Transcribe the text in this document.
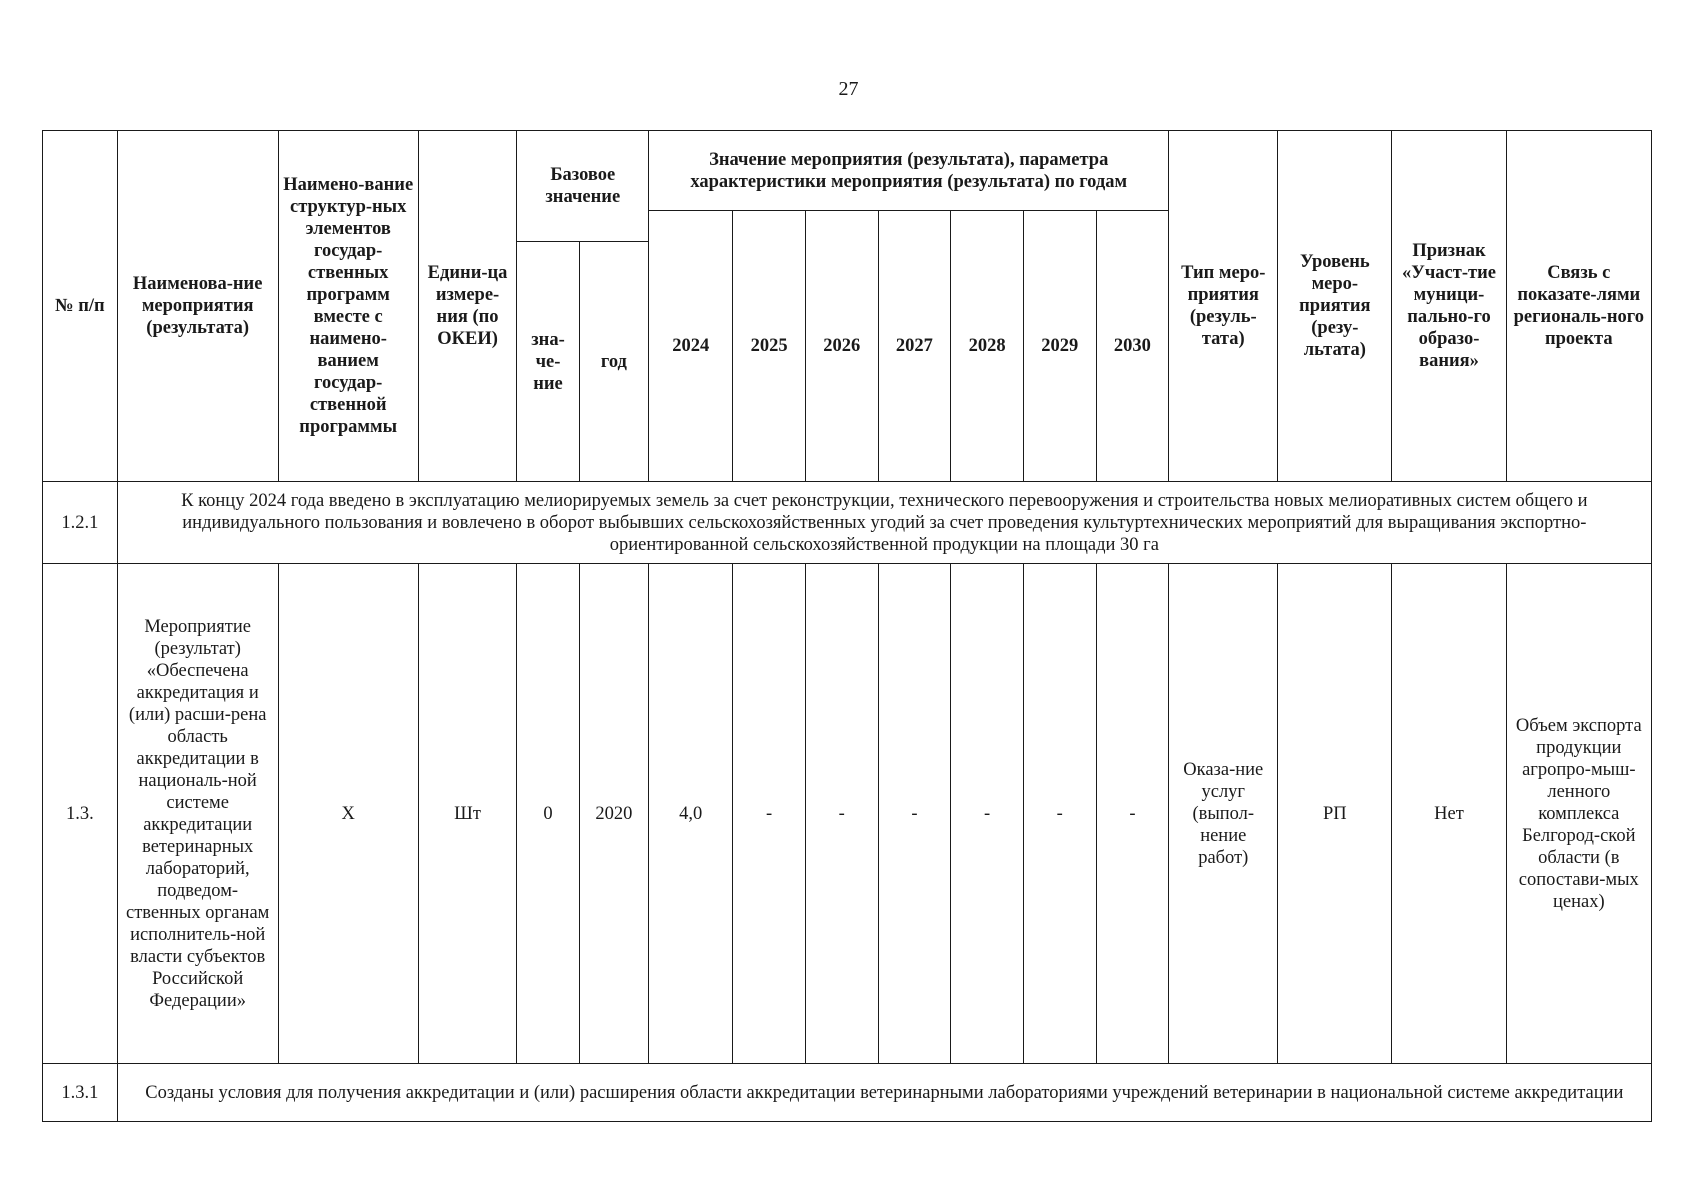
27
№ п/п	Наименова-ние мероприятия (результата)	Наимено-вание структур-ных элементов государ-ственных программ вместе с наимено-ванием государ-ственной программы	Едини-ца измере-ния (по ОКЕИ)	Базовое значение		Значение мероприятия (результата), параметра характеристики мероприятия (результата) по годам							Тип меро-приятия (резуль-тата)	Уровень меро-приятия (резу-льтата)	Признак «Участ-тие муници-пально-го образо-вания»	Связь с показате-лями региональ-ного проекта
						2024	2025	2026	2027	2028	2029	2030				
				зна-че-ние	год											
1.2.1	К концу 2024 года введено в эксплуатацию мелиорируемых земель за счет реконструкции, технического перевооружения и строительства новых мелиоративных систем общего и индивидуального пользования и вовлечено в оборот выбывших сельскохозяйственных угодий за счет проведения культуртехнических мероприятий для выращивания экспортно-ориентированной сельскохозяйственной продукции на площади 30 га															
1.3.	Мероприятие (результат) «Обеспечена аккредитация и (или) расши-рена область аккредитации в националь-ной системе аккредитации ветеринарных лабораторий, подведом-ственных органам исполнитель-ной власти субъектов Российской Федерации»	Х	Шт	0	2020	4,0	-	-	-	-	-	-	Оказа-ние услуг (выпол-нение работ)	РП	Нет	Объем экспорта продукции агропро-мыш-ленного комплекса Белгород-ской области (в сопостави-мых ценах)
1.3.1	Созданы условия для получения аккредитации и (или) расширения области аккредитации ветеринарными лабораториями учреждений ветеринарии в национальной системе аккредитации															
